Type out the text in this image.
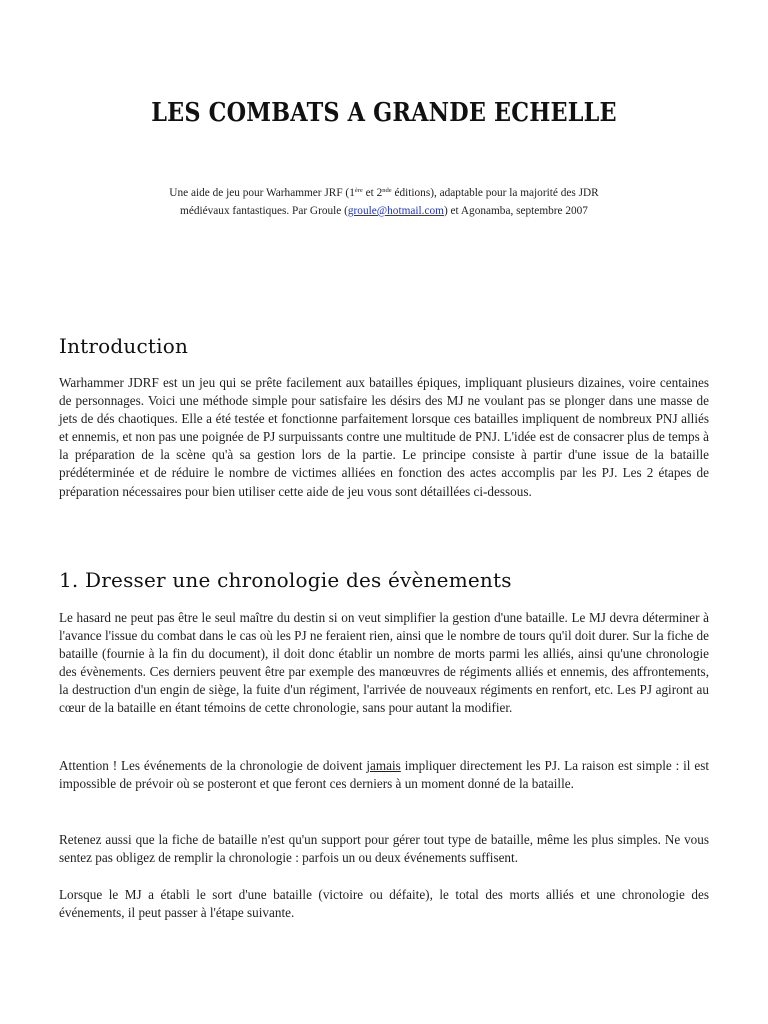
LES COMBATS A GRANDE ECHELLE
Une aide de jeu pour Warhammer JRF (1ère et 2nde éditions), adaptable pour la majorité des JDR médiévaux fantastiques. Par Groule (groule@hotmail.com) et Agonamba, septembre 2007
Introduction

Warhammer JDRF est un jeu qui se prête facilement aux batailles épiques, impliquant plusieurs dizaines, voire centaines de personnages. Voici une méthode simple pour satisfaire les désirs des MJ ne voulant pas se plonger dans une masse de jets de dés chaotiques. Elle a été testée et fonctionne parfaitement lorsque ces batailles impliquent de nombreux PNJ alliés et ennemis, et non pas une poignée de PJ surpuissants contre une multitude de PNJ. L'idée est de consacrer plus de temps à la préparation de la scène qu'à sa gestion lors de la partie. Le principe consiste à partir d'une issue de la bataille prédéterminée et de réduire le nombre de victimes alliées en fonction des actes accomplis par les PJ. Les 2 étapes de préparation nécessaires pour bien utiliser cette aide de jeu vous sont détaillées ci-dessous.

1. Dresser une chronologie des évènements

Le hasard ne peut pas être le seul maître du destin si on veut simplifier la gestion d'une bataille. Le MJ devra déterminer à l'avance l'issue du combat dans le cas où les PJ ne feraient rien, ainsi que le nombre de tours qu'il doit durer. Sur la fiche de bataille (fournie à la fin du document), il doit donc établir un nombre de morts parmi les alliés, ainsi qu'une chronologie des évènements. Ces derniers peuvent être par exemple des manœuvres de régiments alliés et ennemis, des affrontements, la destruction d'un engin de siège, la fuite d'un régiment, l'arrivée de nouveaux régiments en renfort, etc. Les PJ agiront au cœur de la bataille en étant témoins de cette chronologie, sans pour autant la modifier.

Attention ! Les événements de la chronologie de doivent jamais impliquer directement les PJ. La raison est simple : il est impossible de prévoir où se posteront et que feront ces derniers à un moment donné de la bataille.

Retenez aussi que la fiche de bataille n'est qu'un support pour gérer tout type de bataille, même les plus simples. Ne vous sentez pas obligez de remplir la chronologie : parfois un ou deux événements suffisent.

Lorsque le MJ a établi le sort d'une bataille (victoire ou défaite), le total des morts alliés et une chronologie des événements, il peut passer à l'étape suivante.
